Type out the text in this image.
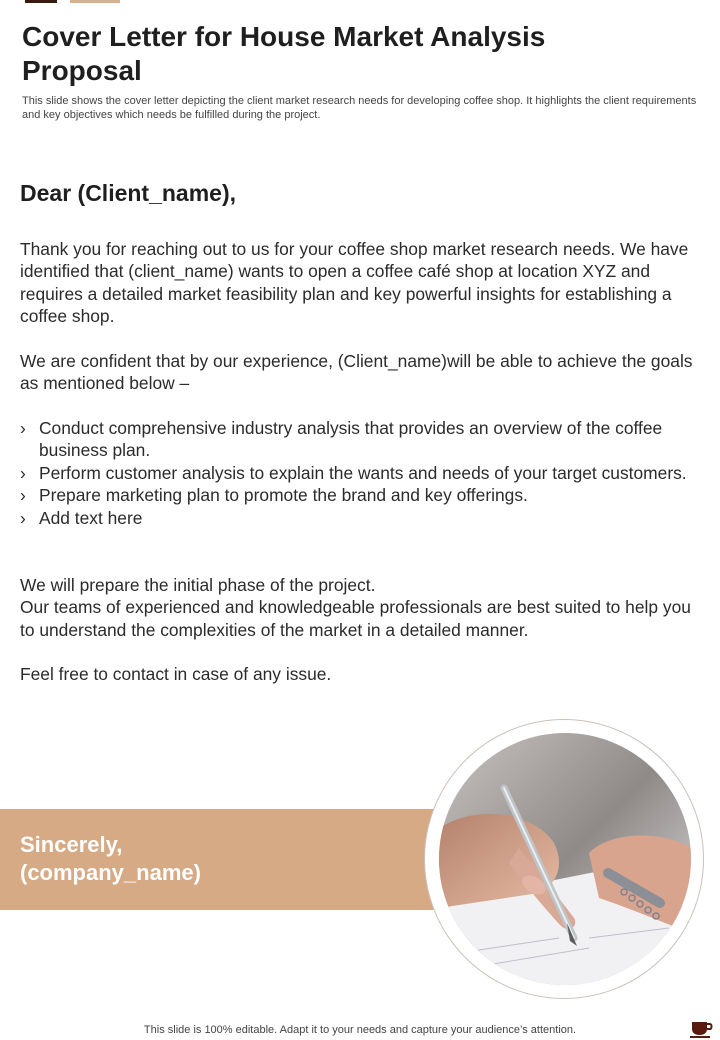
Cover Letter for House Market Analysis Proposal

This slide shows the cover letter depicting the client market research needs for developing coffee shop. It highlights the client requirements and key objectives which needs be fulfilled during the project.

Dear (Client_name),

Thank you for reaching out to us for your coffee shop market research needs. We have identified that (client_name) wants to open a coffee café shop at location XYZ and requires a detailed market feasibility plan and key powerful insights for establishing a coffee shop.

We are confident that by our experience, (Client_name)will be able to achieve the goals as mentioned below –

› Conduct comprehensive industry analysis that provides an overview of the coffee business plan.
› Perform customer analysis to explain the wants and needs of your target customers.
› Prepare marketing plan to promote the brand and key offerings.
› Add text here
We will prepare the initial phase of the project.
Our teams of experienced and knowledgeable professionals are best suited to help you to understand the complexities of the market in a detailed manner.

Feel free to contact in case of any issue.

Sincerely,
(company_name)
This slide is 100% editable. Adapt it to your needs and capture your audience’s attention.
